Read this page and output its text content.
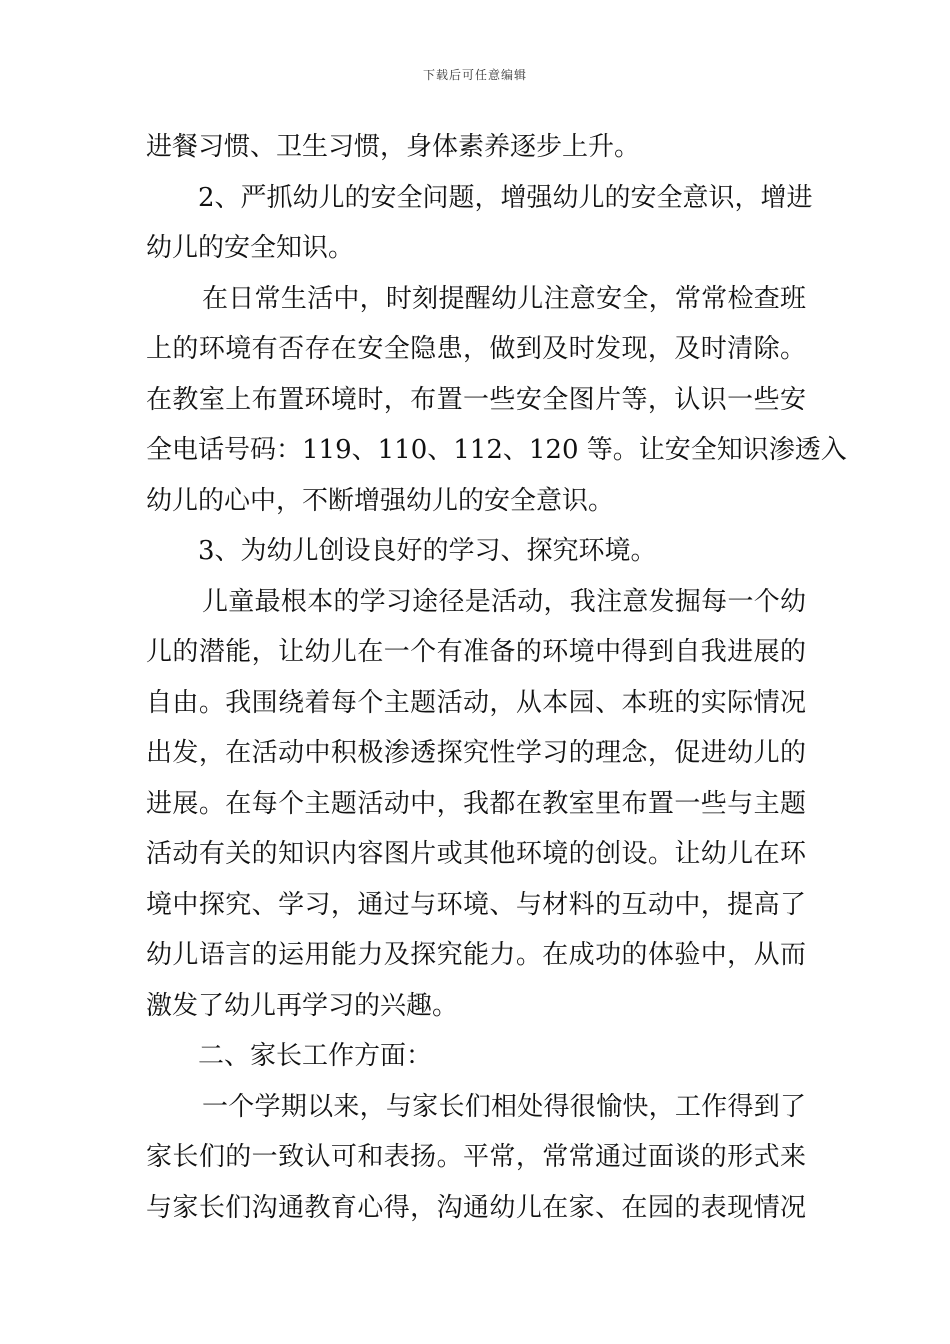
下载后可任意编辑
进餐习惯、卫生习惯，身体素养逐步上升。
2、严抓幼儿的安全问题，增强幼儿的安全意识，增进
幼儿的安全知识。
在日常生活中，时刻提醒幼儿注意安全，常常检查班
上的环境有否存在安全隐患，做到及时发现，及时清除。
在教室上布置环境时，布置一些安全图片等，认识一些安
全电话号码：119、110、112、120 等。让安全知识渗透入
幼儿的心中，不断增强幼儿的安全意识。
3、为幼儿创设良好的学习、探究环境。
儿童最根本的学习途径是活动，我注意发掘每一个幼
儿的潜能，让幼儿在一个有准备的环境中得到自我进展的
自由。我围绕着每个主题活动，从本园、本班的实际情况
出发，在活动中积极渗透探究性学习的理念，促进幼儿的
进展。在每个主题活动中，我都在教室里布置一些与主题
活动有关的知识内容图片或其他环境的创设。让幼儿在环
境中探究、学习，通过与环境、与材料的互动中，提高了
幼儿语言的运用能力及探究能力。在成功的体验中，从而
激发了幼儿再学习的兴趣。
二、家长工作方面：
一个学期以来，与家长们相处得很愉快，工作得到了
家长们的一致认可和表扬。平常，常常通过面谈的形式来
与家长们沟通教育心得，沟通幼儿在家、在园的表现情况
